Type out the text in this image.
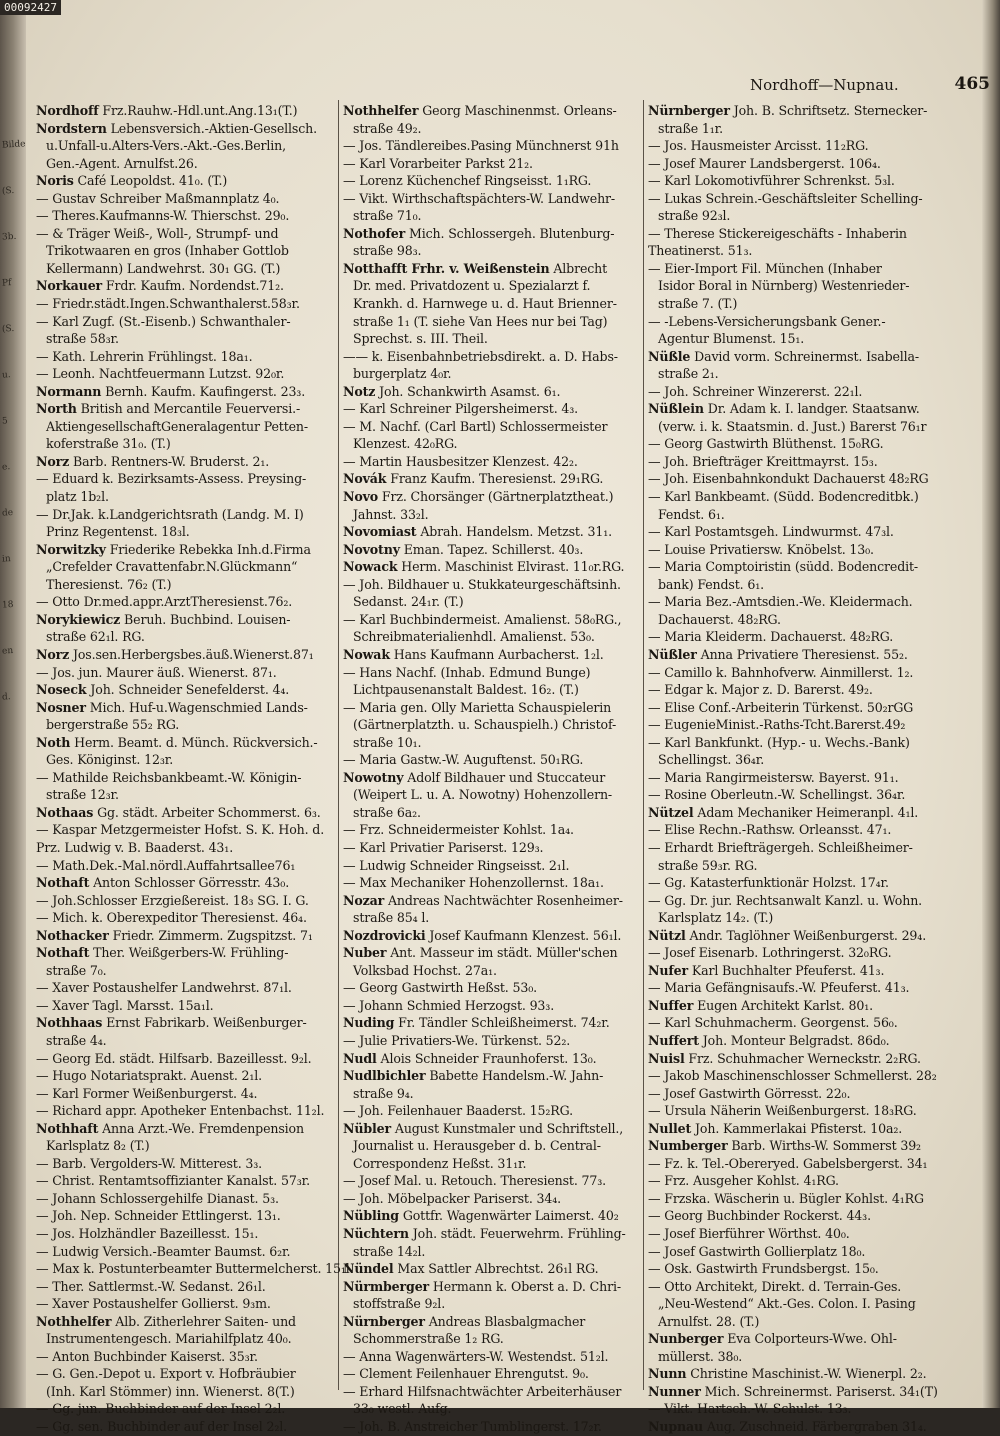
Bilde
(S.
3b.
Pf
(S.
u.
5
e.
de
in
18
en
d.
00092427
Nordhoff—Nupnau.	465
Nordhoff Frz.Rauhw.-Hdl.unt.Ang.13₁(T.)
Nordstern Lebensversich.-Aktien-Gesellsch.
u.Unfall-u.Alters-Vers.-Akt.-Ges.Berlin,
Gen.-Agent. Arnulfst.26.
Noris Café Leopoldst. 41₀. (T.)
— Gustav Schreiber Maßmannplatz 4₀.
— Theres.Kaufmanns-W. Thierschst. 29₀.
— & Träger Weiß-, Woll-, Strumpf- und
Trikotwaaren en gros (Inhaber Gottlob
Kellermann) Landwehrst. 30₁ GG. (T.)
Norkauer Frdr. Kaufm. Nordendst.71₂.
— Friedr.städt.Ingen.Schwanthalerst.58₃r.
— Karl Zugf. (St.-Eisenb.) Schwanthaler-
straße 58₃r.
— Kath. Lehrerin Frühlingst. 18a₁.
— Leonh. Nachtfeuermann Lutzst. 92₀r.
Normann Bernh. Kaufm. Kaufingerst. 23₃.
North British and Mercantile Feuerversi.-
AktiengesellschaftGeneralagentur Petten-
koferstraße 31₀. (T.)
Norz Barb. Rentners-W. Bruderst. 2₁.
— Eduard k. Bezirksamts-Assess. Preysing-
platz 1b₂l.
— Dr.Jak. k.Landgerichtsrath (Landg. M. I)
Prinz Regentenst. 18₃l.
Norwitzky Friederike Rebekka Inh.d.Firma
„Crefelder Cravattenfabr.N.Glückmann“
Theresienst. 76₂ (T.)
— Otto Dr.med.appr.ArztTheresienst.76₂.
Norykiewicz Beruh. Buchbind. Louisen-
straße 62₁l. RG.
Norz Jos.sen.Herbergsbes.äuß.Wienerst.87₁
— Jos. jun. Maurer äuß. Wienerst. 87₁.
Noseck Joh. Schneider Senefelderst. 4₄.
Nosner Mich. Huf-u.Wagenschmied Lands-
bergerstraße 55₂ RG.
Noth Herm. Beamt. d. Münch. Rückversich.-
Ges. Königinst. 12₃r.
— Mathilde Reichsbankbeamt.-W. Königin-
straße 12₃r.
Nothaas Gg. städt. Arbeiter Schommerst. 6₃.
— Kaspar Metzgermeister Hofst. S. K. Hoh. d.
Prz. Ludwig v. B. Baaderst. 43₁.
— Math.Dek.-Mal.nördl.Auffahrtsallee76₁
Nothaft Anton Schlosser Görresstr. 43₀.
— Joh.Schlosser Erzgießereist. 18₃ SG. I. G.
— Mich. k. Oberexpeditor Theresienst. 46₄.
Nothacker Friedr. Zimmerm. Zugspitzst. 7₁
Nothaft Ther. Weißgerbers-W. Frühling-
straße 7₀.
— Xaver Postaushelfer Landwehrst. 87₁l.
— Xaver Tagl. Marsst. 15a₁l.
Nothhaas Ernst Fabrikarb. Weißenburger-
straße 4₄.
— Georg Ed. städt. Hilfsarb. Bazeillesst. 9₂l.
— Hugo Notariatsprakt. Auenst. 2₁l.
— Karl Former Weißenburgerst. 4₄.
— Richard appr. Apotheker Entenbachst. 11₂l.
Nothhaft Anna Arzt.-We. Fremdenpension
Karlsplatz 8₂ (T.)
— Barb. Vergolders-W. Mitterest. 3₃.
— Christ. Rentamtsoffizianter Kanalst. 57₃r.
— Johann Schlossergehilfe Dianast. 5₃.
— Joh. Nep. Schneider Ettlingerst. 13₁.
— Jos. Holzhändler Bazeillesst. 15₁.
— Ludwig Versich.-Beamter Baumst. 6₂r.
— Max k. Postunterbeamter Buttermelcherst. 15₁l.
— Ther. Sattlermst.-W. Sedanst. 26₁l.
— Xaver Postaushelfer Gollierst. 9₃m.
Nothhelfer Alb. Zitherlehrer Saiten- und
Instrumentengesch. Mariahilfplatz 40₀.
— Anton Buchbinder Kaiserst. 35₃r.
— G. Gen.-Depot u. Export v. Hofbräubier
(Inh. Karl Stömmer) inn. Wienerst. 8(T.)
— Gg. jun. Buchbinder auf der Insel 2₂l.
— Gg. sen. Buchbinder auf der Insel 2₂l.
Nothhelfer Georg Maschinenmst. Orleans-
straße 49₂.
— Jos. Tändlereibes.Pasing Münchnerst 91h
— Karl Vorarbeiter Parkst 21₂.
— Lorenz Küchenchef Ringseisst. 1₁RG.
— Vikt. Wirthschaftspächters-W. Landwehr-
straße 71₀.
Nothofer Mich. Schlossergeh. Blutenburg-
straße 98₃.
Notthafft Frhr. v. Weißenstein Albrecht
Dr. med. Privatdozent u. Spezialarzt f.
Krankh. d. Harnwege u. d. Haut Brienner-
straße 1₁ (T. siehe Van Hees nur bei Tag)
Sprechst. s. III. Theil.
—— k. Eisenbahnbetriebsdirekt. a. D. Habs-
burgerplatz 4₀r.
Notz Joh. Schankwirth Asamst. 6₁.
— Karl Schreiner Pilgersheimerst. 4₃.
— M. Nachf. (Carl Bartl) Schlossermeister
Klenzest. 42₀RG.
— Martin Hausbesitzer Klenzest. 42₂.
Novák Franz Kaufm. Theresienst. 29₁RG.
Novo Frz. Chorsänger (Gärtnerplatztheat.)
Jahnst. 33₂l.
Novomiast Abrah. Handelsm. Metzst. 31₁.
Novotny Eman. Tapez. Schillerst. 40₃.
Nowack Herm. Maschinist Elvirast. 11₀r.RG.
— Joh. Bildhauer u. Stukkateurgeschäftsinh.
Sedanst. 24₁r. (T.)
— Karl Buchbindermeist. Amalienst. 58₀RG.,
Schreibmaterialienhdl. Amalienst. 53₀.
Nowak Hans Kaufmann Aurbacherst. 1₂l.
— Hans Nachf. (Inhab. Edmund Bunge)
Lichtpausenanstalt Baldest. 16₂. (T.)
— Maria gen. Olly Marietta Schauspielerin
(Gärtnerplatzth. u. Schauspielh.) Christof-
straße 10₁.
— Maria Gastw.-W. Auguftenst. 50₁RG.
Nowotny Adolf Bildhauer und Stuccateur
(Weipert L. u. A. Nowotny) Hohenzollern-
straße 6a₂.
— Frz. Schneidermeister Kohlst. 1a₄.
— Karl Privatier Pariserst. 129₃.
— Ludwig Schneider Ringseisst. 2₁l.
— Max Mechaniker Hohenzollernst. 18a₁.
Nozar Andreas Nachtwächter Rosenheimer-
straße 85₄ l.
Nozdrovicki Josef Kaufmann Klenzest. 56₁l.
Nuber Ant. Masseur im städt. Müller'schen
Volksbad Hochst. 27a₁.
— Georg Gastwirth Heßst. 53₀.
— Johann Schmied Herzogst. 93₃.
Nuding Fr. Tändler Schleißheimerst. 74₂r.
— Julie Privatiers-We. Türkenst. 52₂.
Nudl Alois Schneider Fraunhoferst. 13₀.
Nudlbichler Babette Handelsm.-W. Jahn-
straße 9₄.
— Joh. Feilenhauer Baaderst. 15₂RG.
Nübler August Kunstmaler und Schriftstell.,
Journalist u. Herausgeber d. b. Central-
Correspondenz Heßst. 31₁r.
— Josef Mal. u. Retouch. Theresienst. 77₃.
— Joh. Möbelpacker Pariserst. 34₄.
Nübling Gottfr. Wagenwärter Laimerst. 40₂
Nüchtern Joh. städt. Feuerwehrm. Frühling-
straße 14₂l.
Nündel Max Sattler Albrechtst. 26₁l RG.
Nürmberger Hermann k. Oberst a. D. Chri-
stoffstraße 9₂l.
Nürnberger Andreas Blasbalgmacher
Schommerstraße 1₂ RG.
— Anna Wagenwärters-W. Westendst. 51₂l.
— Clement Feilenhauer Ehrengutst. 9₀.
— Erhard Hilfsnachtwächter Arbeiterhäuser
33₀ westl. Aufg.
— Joh. B. Anstreicher Tumblingerst. 17₂r.
Nürnberger Joh. B. Schriftsetz. Sternecker-
straße 1₁r.
— Jos. Hausmeister Arcisst. 11₂RG.
— Josef Maurer Landsbergerst. 106₄.
— Karl Lokomotivführer Schrenkst. 5₃l.
— Lukas Schrein.-Geschäftsleiter Schelling-
straße 92₃l.
— Therese Stickereigeschäfts - Inhaberin
Theatinerst. 51₃.
— Eier-Import Fil. München (Inhaber
Isidor Boral in Nürnberg) Westenrieder-
straße 7. (T.)
— -Lebens-Versicherungsbank Gener.-
Agentur Blumenst. 15₁.
Nüßle David vorm. Schreinermst. Isabella-
straße 2₁.
— Joh. Schreiner Winzererst. 22₁l.
Nüßlein Dr. Adam k. I. landger. Staatsanw.
(verw. i. k. Staatsmin. d. Just.) Barerst 76₁r
— Georg Gastwirth Blüthenst. 15₀RG.
— Joh. Briefträger Kreittmayrst. 15₃.
— Joh. Eisenbahnkondukt Dachauerst 48₂RG
— Karl Bankbeamt. (Südd. Bodencreditbk.)
Fendst. 6₁.
— Karl Postamtsgeh. Lindwurmst. 47₃l.
— Louise Privatiersw. Knöbelst. 13₀.
— Maria Comptoiristin (südd. Bodencredit-
bank) Fendst. 6₁.
— Maria Bez.-Amtsdien.-We. Kleidermach.
Dachauerst. 48₂RG.
— Maria Kleiderm. Dachauerst. 48₂RG.
Nüßler Anna Privatiere Theresienst. 55₂.
— Camillo k. Bahnhofverw. Ainmillerst. 1₂.
— Edgar k. Major z. D. Barerst. 49₂.
— Elise Conf.-Arbeiterin Türkenst. 50₂rGG
— EugenieMinist.-Raths-Tcht.Barerst.49₂
— Karl Bankfunkt. (Hyp.- u. Wechs.-Bank)
Schellingst. 36₄r.
— Maria Rangirmeistersw. Bayerst. 91₁.
— Rosine Oberleutn.-W. Schellingst. 36₄r.
Nützel Adam Mechaniker Heimeranpl. 4₁l.
— Elise Rechn.-Rathsw. Orleansst. 47₁.
— Erhardt Briefträgergeh. Schleißheimer-
straße 59₃r. RG.
— Gg. Katasterfunktionär Holzst. 17₄r.
— Gg. Dr. jur. Rechtsanwalt Kanzl. u. Wohn.
Karlsplatz 14₂. (T.)
Nützl Andr. Taglöhner Weißenburgerst. 29₄.
— Josef Eisenarb. Lothringerst. 32₀RG.
Nufer Karl Buchhalter Pfeuferst. 41₃.
— Maria Gefängnisaufs.-W. Pfeuferst. 41₃.
Nuffer Eugen Architekt Karlst. 80₁.
— Karl Schuhmacherm. Georgenst. 56₀.
Nuffert Joh. Monteur Belgradst. 86d₀.
Nuisl Frz. Schuhmacher Werneckstr. 2₂RG.
— Jakob Maschinenschlosser Schmellerst. 28₂
— Josef Gastwirth Görresst. 22₀.
— Ursula Näherin Weißenburgerst. 18₃RG.
Nullet Joh. Kammerlakai Pfisterst. 10a₂.
Numberger Barb. Wirths-W. Sommerst 39₂
— Fz. k. Tel.-Obereryed. Gabelsbergerst. 34₁
— Frz. Ausgeher Kohlst. 4₁RG.
— Frzska. Wäscherin u. Bügler Kohlst. 4₁RG
— Georg Buchbinder Rockerst. 44₃.
— Josef Bierführer Wörthst. 40₀.
— Josef Gastwirth Gollierplatz 18₀.
— Osk. Gastwirth Frundsbergst. 15₀.
— Otto Architekt, Direkt. d. Terrain-Ges.
„Neu-Westend“ Akt.-Ges. Colon. I. Pasing
Arnulfst. 28. (T.)
Nunberger Eva Colporteurs-Wwe. Ohl-
müllerst. 38₀.
Nunn Christine Maschinist.-W. Wienerpl. 2₂.
Nunner Mich. Schreinermst. Pariserst. 34₁(T)
— Vikt. Hartsch.-W. Schulst. 13₃.
Nupnau Aug. Zuschneid. Färbergraben 31₄.
